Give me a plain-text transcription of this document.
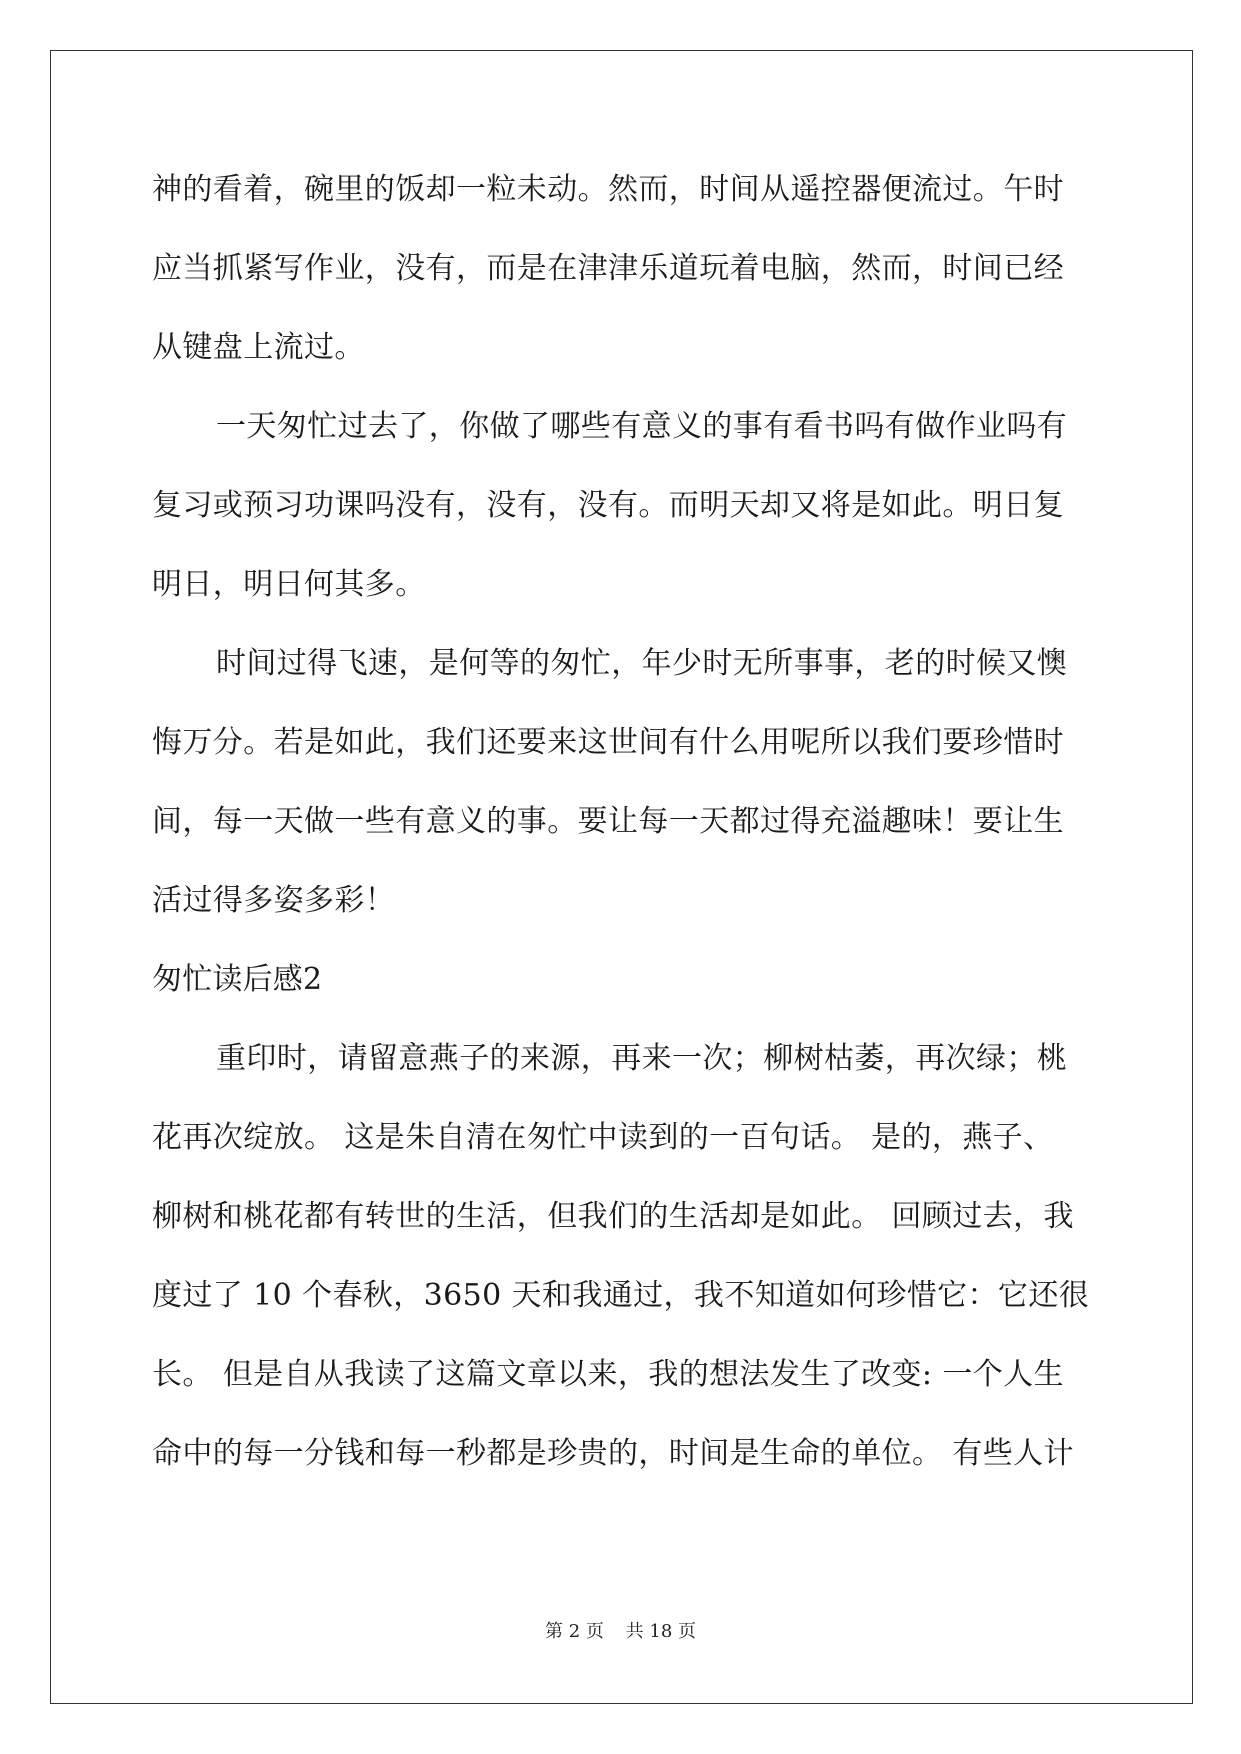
神的看着，碗里的饭却一粒未动。然而，时间从遥控器便流过。午时
应当抓紧写作业，没有，而是在津津乐道玩着电脑，然而，时间已经
从键盘上流过。
一天匆忙过去了，你做了哪些有意义的事有看书吗有做作业吗有
复习或预习功课吗没有，没有，没有。而明天却又将是如此。明日复
明日，明日何其多。
时间过得飞速，是何等的匆忙，年少时无所事事，老的时候又懊
悔万分。若是如此，我们还要来这世间有什么用呢所以我们要珍惜时
间，每一天做一些有意义的事。要让每一天都过得充溢趣味！要让生
活过得多姿多彩！
匆忙读后感2
重印时，请留意燕子的来源，再来一次；柳树枯萎，再次绿；桃
花再次绽放。 这是朱自清在匆忙中读到的一百句话。 是的，燕子、
柳树和桃花都有转世的生活，但我们的生活却是如此。 回顾过去，我
度过了 10 个春秋，3650 天和我通过，我不知道如何珍惜它：它还很
长。 但是自从我读了这篇文章以来，我的想法发生了改变: 一个人生
命中的每一分钱和每一秒都是珍贵的，时间是生命的单位。 有些人计
第 2 页 共 18 页
